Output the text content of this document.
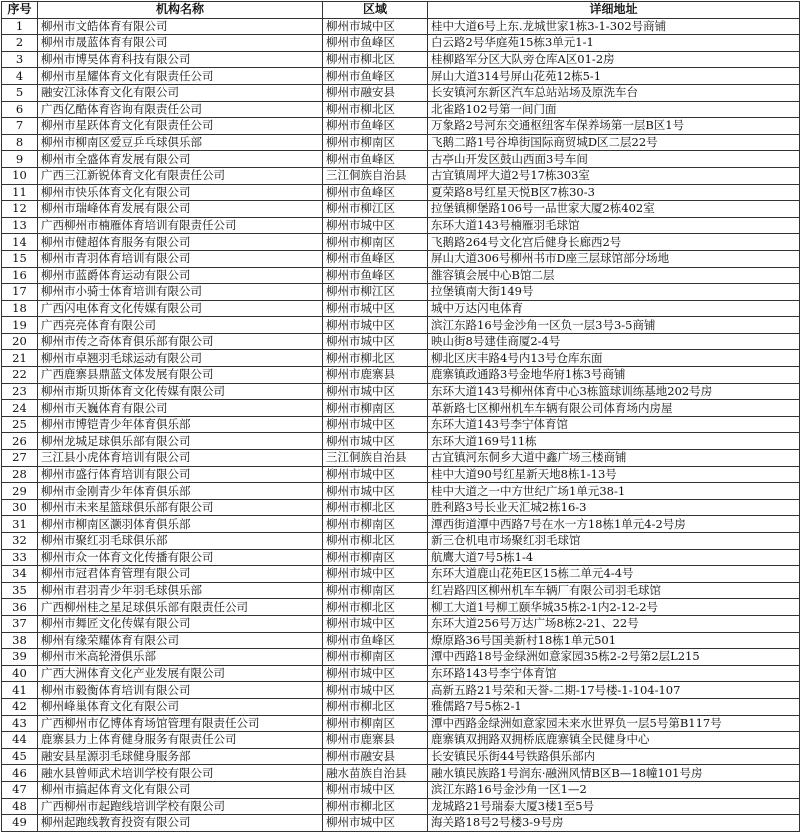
序号	机构名称	区域	详细地址
1	柳州市文皓体育有限公司	柳州市城中区	桂中大道6号上东.龙城世家1栋3-1-302号商铺
2	柳州市晟蓝体育有限公司	柳州市鱼峰区	白云路2号华庭苑15栋3单元1-1
3	柳州市博昊体育科技有限公司	柳州市柳北区	桂柳路军分区大队旁仓库A区01-2房
4	柳州市星耀体育文化有限责任公司	柳州市鱼峰区	屏山大道314号屏山花苑12栋5-1
5	融安江泳体育文化有限公司	柳州市融安县	长安镇河东新区汽车总站站场及原洗车台
6	广西亿酷体育咨询有限责任公司	柳州市柳北区	北雀路102号第一间门面
7	柳州市星跃体育文化有限责任公司	柳州市鱼峰区	万象路2号河东交通枢纽客车保养场第一层B区1号
8	柳州市柳南区爱豆乒乓球俱乐部	柳州市柳南区	飞鹅二路1号谷埠街国际商贸城D区二层22号
9	柳州市全盛体育发展有限公司	柳州市鱼峰区	古亭山开发区鼓山西面3号车间
10	广西三江新锐体育文化有限责任公司	三江侗族自治县	古宜镇周坪大道2号17栋303室
11	柳州市快乐体育文化有限公司	柳州市鱼峰区	夏荣路8号红星天悦B区7栋30-3
12	柳州市瑞峰体育发展有限公司	柳州市柳江区	拉堡镇柳堡路106号一品世家大厦2栋402室
13	广西柳州市楠雁体育培训有限责任公司	柳州市城中区	东环大道143号楠雁羽毛球馆
14	柳州市健超体育服务有限公司	柳州市柳南区	飞鹅路264号文化宫后健身长廊西2号
15	柳州市青羽体育培训有限公司	柳州市鱼峰区	屏山大道306号柳州书市D座三层球馆部分场地
16	柳州市蓝爵体育运动有限公司	柳州市鱼峰区	雒容镇会展中心B馆二层
17	柳州市小骑士体育培训有限公司	柳州市柳江区	拉堡镇南大街149号
18	广西闪电体育文化传媒有限公司	柳州市城中区	城中万达闪电体育
19	广西亮亮体育有限公司	柳州市城中区	滨江东路16号金沙角一区负一层3号3-5商铺
20	柳州市传之奇体育俱乐部有限公司	柳州市城中区	映山街8号建佳商厦2-4号
21	柳州市卓翘羽毛球运动有限公司	柳州市柳北区	柳北区庆丰路4号内13号仓库东面
22	广西鹿寨县鼎蓝文体发展有限公司	柳州市鹿寨县	鹿寨镇政通路3号金地华府1栋3号商铺
23	柳州市斯贝斯体育文化传媒有限公司	柳州市城中区	东环大道143号柳州体育中心3栋篮球训练基地202号房
24	柳州市天巍体育有限公司	柳州市柳南区	革新路七区柳州机车车辆有限公司体育场内房屋
25	柳州市博铠青少年体育俱乐部	柳州市城中区	东环大道143号李宁体育馆
26	柳州龙城足球俱乐部有限公司	柳州市城中区	东环大道169号11栋
27	三江县小虎体育培训有限公司	三江侗族自治县	古宜镇河东侗乡大道中鑫广场三楼商铺
28	柳州市盛行体育培训有限公司	柳州市城中区	桂中大道90号红星新天地8栋1-13号
29	柳州市金刚青少年体育俱乐部	柳州市城中区	桂中大道之一中方世纪广场1单元38-1
30	柳州市未来星篮球俱乐部有限公司	柳州市柳北区	胜利路3号长业天汇城2栋16-3
31	柳州市柳南区灏羽体育俱乐部	柳州市柳南区	潭西街道潭中西路7号在水一方18栋1单元4-2号房
32	柳州市聚红羽毛球俱乐部	柳州市柳北区	新三仓机电市场聚红羽毛球馆
33	柳州市众一体育文化传播有限公司	柳州市柳南区	航鹰大道7号5栋1-4
34	柳州市冠君体育管理有限公司	柳州市城中区	东环大道鹿山花苑E区15栋二单元4-4号
35	柳州市君羽青少年羽毛球俱乐部	柳州市柳南区	红岩路四区柳州机车车辆厂有限公司羽毛球馆
36	广西柳州桂之星足球俱乐部有限责任公司	柳州市柳北区	柳工大道1号柳工颐华城35栋2-1内2-12-2号
37	柳州市舞匠文化传媒有限公司	柳州市城中区	东环大道256号万达广场8栋2-21、22号
38	柳州有缘荣耀体育有限公司	柳州市鱼峰区	燎原路36号国美新村18栋1单元501
39	柳州市米高轮滑俱乐部	柳州市柳南区	潭中西路18号金绿洲如意家园35栋2-2号第2层L215
40	广西大洲体育文化产业发展有限公司	柳州市城中区	东环路143号李宁体育馆
41	柳州市毅衡体育培训有限公司	柳州市城中区	高新五路21号荣和天誉-二期-17号楼-1-104-107
42	柳州峰巢体育文化有限公司	柳州市柳北区	雅儒路7号5栋2-1
43	广西柳州市亿博体育场馆管理有限责任公司	柳州市柳南区	潭中西路金绿洲如意家园未来水世界负一层5号第B117号
44	鹿寨县力上体育健身服务有限责任公司	柳州市鹿寨县	鹿寨镇双拥路双拥桥底鹿寨镇全民健身中心
45	融安县星源羽毛球健身服务部	柳州市融安县	长安镇民乐街44号铁路俱乐部内
46	融水县曾师武术培训学校有限公司	融水苗族自治县	融水镇民族路1号润东·融洲风情B区B—18幢101号房
47	柳州市搞起体育文化有限公司	柳州市城中区	滨江东路16号金沙角一区1—2
48	广西柳州市起跑线培训学校有限公司	柳州市柳北区	龙城路21号瑞泰大厦3楼1至5号
49	柳州起跑线教育投资有限公司	柳州市城中区	海关路18号2号楼3-9号房
